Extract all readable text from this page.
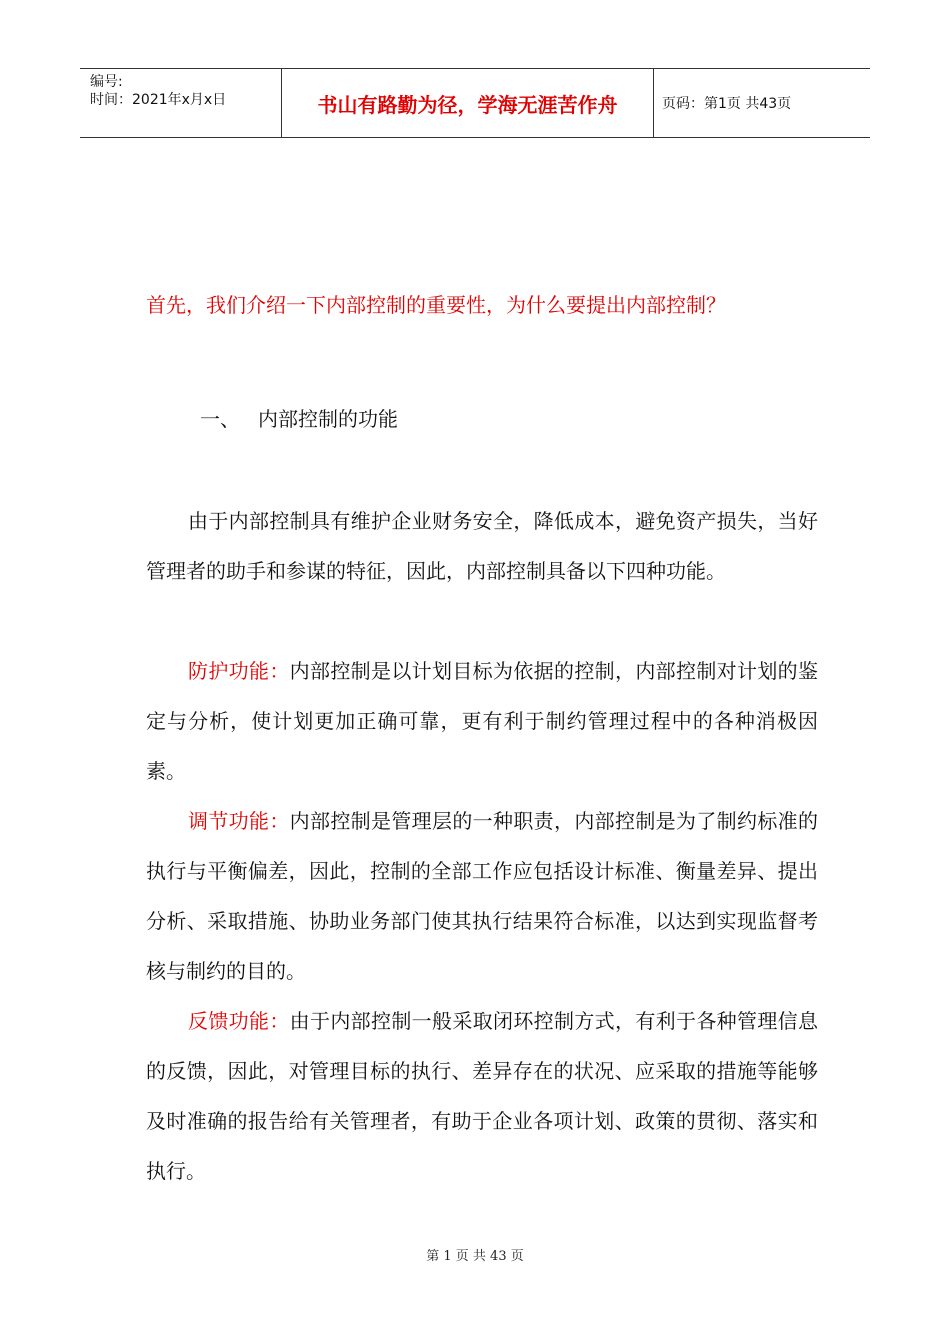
编号:
时间：2021年x月x日	书山有路勤为径，学海无涯苦作舟	页码：第1页 共43页
首先，我们介绍一下内部控制的重要性，为什么要提出内部控制？
一、 内部控制的功能

由于内部控制具有维护企业财务安全，降低成本，避免资产损失，当好管理者的助手和参谋的特征，因此，内部控制具备以下四种功能。

防护功能：内部控制是以计划目标为依据的控制，内部控制对计划的鉴定与分析，使计划更加正确可靠，更有利于制约管理过程中的各种消极因素。

调节功能：内部控制是管理层的一种职责，内部控制是为了制约标准的执行与平衡偏差，因此，控制的全部工作应包括设计标准、衡量差异、提出分析、采取措施、协助业务部门使其执行结果符合标准，以达到实现监督考核与制约的目的。

反馈功能：由于内部控制一般采取闭环控制方式，有利于各种管理信息的反馈，因此，对管理目标的执行、差异存在的状况、应采取的措施等能够及时准确的报告给有关管理者，有助于企业各项计划、政策的贯彻、落实和执行。

第 1 页 共 43 页
